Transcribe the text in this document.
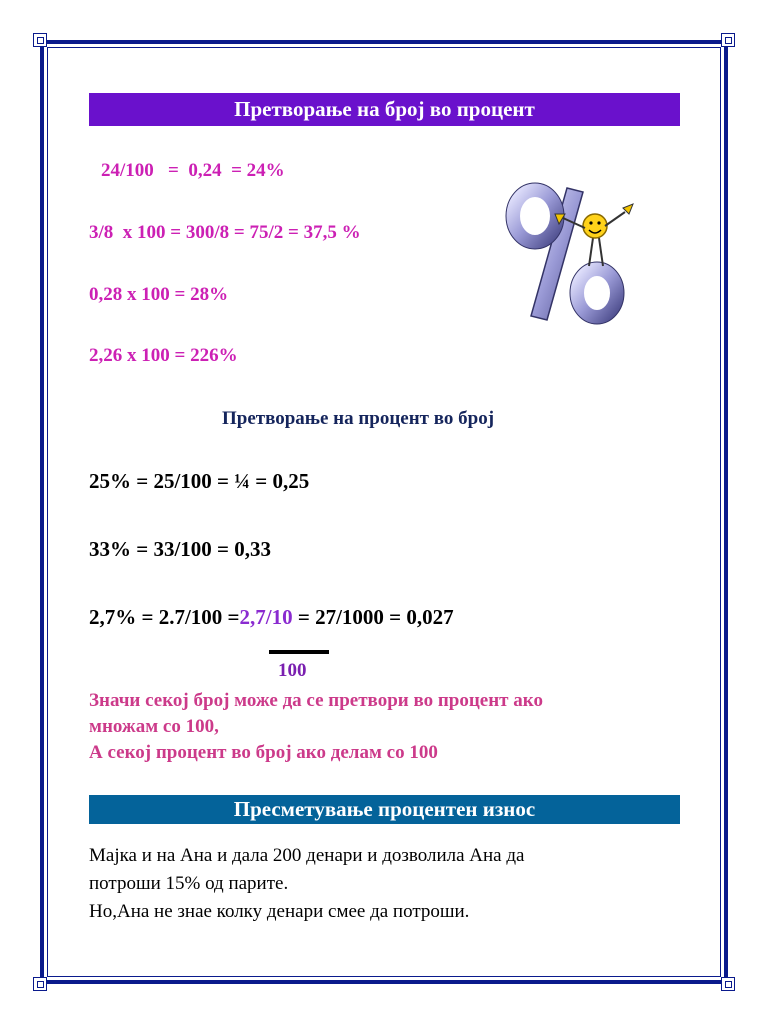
Претворање на број во процент
24/100   =  0,24  = 24%
3/8  x 100 = 300/8 = 75/2 = 37,5 %
0,28 x 100 = 28%
2,26 x 100 = 226%
Претворање на процент во број
25% = 25/100 = ¼ = 0,25
33% = 33/100 = 0,33
2,7% = 2.7/100 =2,7/10 = 27/1000 = 0,027
100
Значи секој број може да се претвори во процент ако
множам со 100,
А секој процент во број ако делам со 100
Пресметување процентен износ
Мајка и на Ана и дала 200 денари и дозволила Ана да
потроши 15% од парите.
Но,Ана не знае колку денари смее да потроши.
